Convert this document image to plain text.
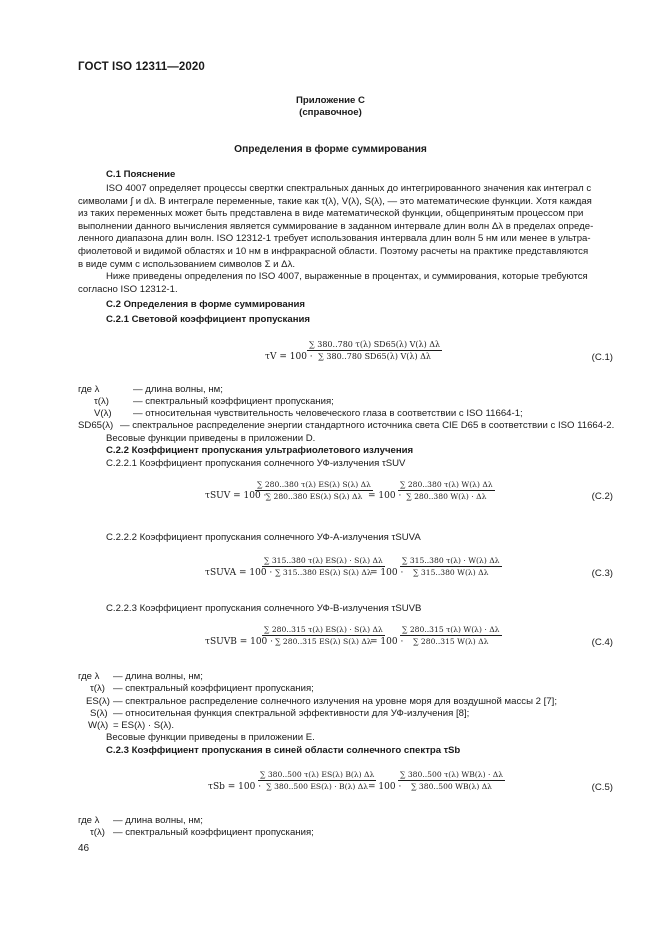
ГОСТ ISO 12311—2020
Приложение С
(справочное)
Определения в форме суммирования
С.1 Пояснение
ISO 4007 определяет процессы свертки спектральных данных до интегрированного значения как интеграл с
символами ∫ и dλ. В интеграле переменные, такие как τ(λ), V(λ), S(λ), — это математические функции. Хотя каждая
из таких переменных может быть представлена в виде математической функции, общепринятым процессом при
выполнении данного вычисления является суммирование в заданном интервале длин волн Δλ в пределах опреде-
ленного диапазона длин волн. ISO 12312-1 требует использования интервала длин волн 5 нм или менее в ультра-
фиолетовой и видимой областях и 10 нм в инфракрасной области. Поэтому расчеты на практике представляются
в виде сумм с использованием символов Σ и Δλ.
Ниже приведены определения по ISO 4007, выраженные в процентах, и суммирования, которые требуются
согласно ISO 12312-1.
С.2 Определения в форме суммирования
С.2.1 Световой коэффициент пропускания
τV = 100 ·
$\frac{\sum 380..780 \tau(\lambda) SD65(\lambda) V(\lambda) \Delta\lambda}{\sum 380..780 SD65(\lambda) V(\lambda) \Delta\lambda}$	(C.1)
где λ	— длина волны, нм;
τ(λ)	— спектральный коэффициент пропускания;
V(λ) — относительная чувствительность человеческого глаза в соответствии с ISO 11664-1;
SD65(λ) — спектральное распределение энергии стандартного источника света CIE D65 в соответствии с ISO 11664-2.
Весовые функции приведены в приложении D.
С.2.2 Коэффициент пропускания ультрафиолетового излучения
С.2.2.1 Коэффициент пропускания солнечного УФ-излучения τSUV
τSUV = 100 ·
$\frac{\sum 280..380 \tau(\lambda) ES(\lambda) S(\lambda) \Delta\lambda}{\sum 280..380 ES(\lambda) S(\lambda) \Delta\lambda}$
= 100 ·
$\frac{\sum 280..380 \tau(\lambda) W(\lambda) \Delta\lambda}{\sum 280..380 W(\lambda) \cdot \Delta\lambda}$	(C.2)
С.2.2.2 Коэффициент пропускания солнечного УФ-А-излучения τSUVA
τSUVA = 100 ·
$\frac{\sum 315..380 \tau(\lambda) ES(\lambda) \cdot S(\lambda) \Delta\lambda}{\sum 315..380 ES(\lambda) S(\lambda) \Delta\lambda}$
= 100 ·
$\frac{\sum 315..380 \tau(\lambda) \cdot W(\lambda) \Delta\lambda}{\sum 315..380 W(\lambda) \Delta\lambda}$	(C.3)
С.2.2.3 Коэффициент пропускания солнечного УФ-В-излучения τSUVB
τSUVB = 100 ·
$\frac{\sum 280..315 \tau(\lambda) ES(\lambda) \cdot S(\lambda) \Delta\lambda}{\sum 280..315 ES(\lambda) S(\lambda) \Delta\lambda}$
= 100 ·
$\frac{\sum 280..315 \tau(\lambda) W(\lambda) \cdot \Delta\lambda}{\sum 280..315 W(\lambda) \Delta\lambda}$	(C.4)
где λ — длина волны, нм;
τ(λ) — спектральный коэффициент пропускания;
ES(λ) — спектральное распределение солнечного излучения на уровне моря для воздушной массы 2 [7];
S(λ) — относительная функция спектральной эффективности для УФ-излучения [8];
W(λ) = ES(λ) · S(λ).
Весовые функции приведены в приложении Е.
С.2.3 Коэффициент пропускания в синей области солнечного спектра τSb
τSb = 100 ·
$\frac{\sum 380..500 \tau(\lambda) ES(\lambda) B(\lambda) \Delta\lambda}{\sum 380..500 ES(\lambda) \cdot B(\lambda) \Delta\lambda}$
= 100 ·
$\frac{\sum 380..500 \tau(\lambda) WB(\lambda) \cdot \Delta\lambda}{\sum 380..500 WB(\lambda) \Delta\lambda}$	(C.5)
где λ — длина волны, нм;
τ(λ) — спектральный коэффициент пропускания;
46
